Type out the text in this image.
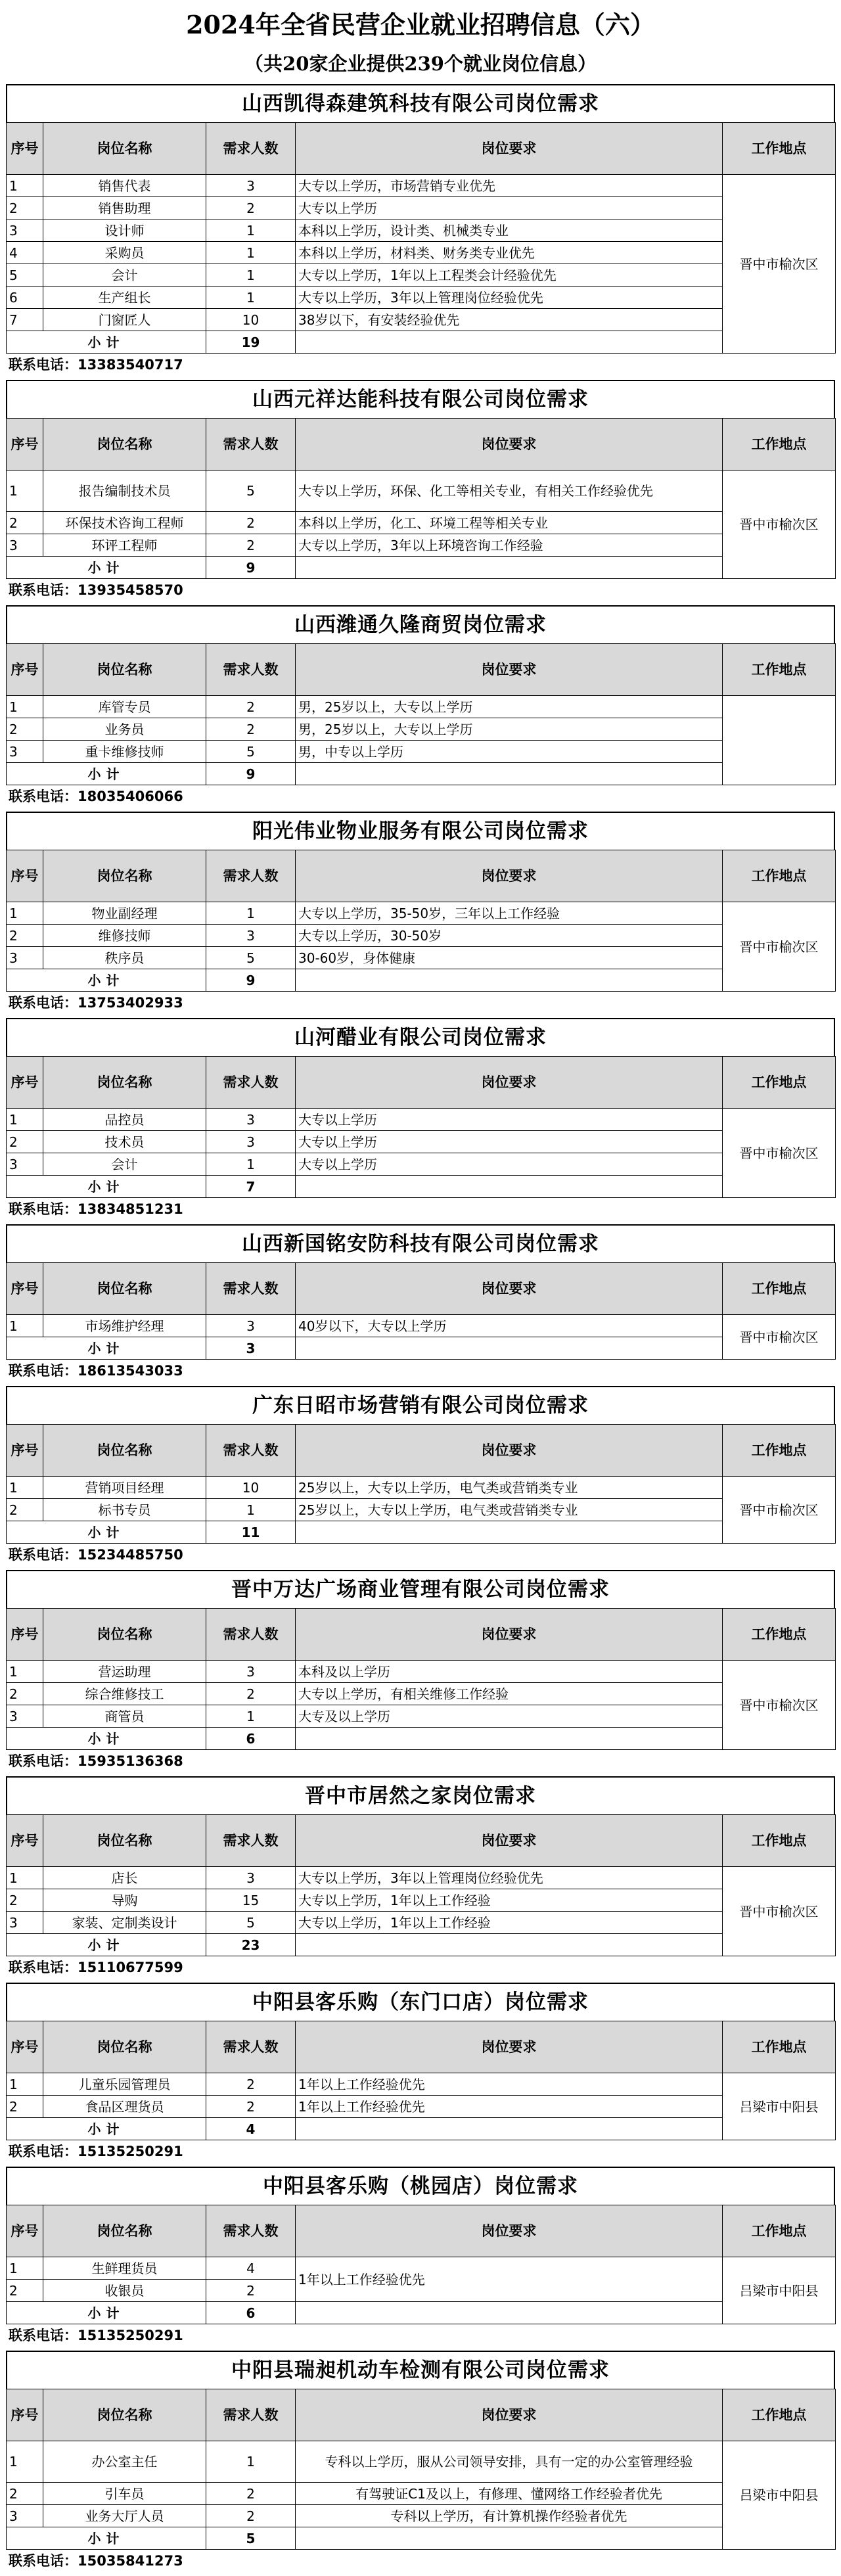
2024年全省民营企业就业招聘信息（六）
（共20家企业提供239个就业岗位信息）
山西凯得森建筑科技有限公司岗位需求
序号	岗位名称	需求人数	岗位要求	工作地点
1	销售代表	3	大专以上学历，市场营销专业优先	晋中市榆次区
2	销售助理	2	大专以上学历	
3	设计师	1	本科以上学历，设计类、机械类专业	
4	采购员	1	本科以上学历，材料类、财务类专业优先	
5	会计	1	大专以上学历，1年以上工程类会计经验优先	
6	生产组长	1	大专以上学历，3年以上管理岗位经验优先	
7	门窗匠人	10	38岁以下，有安装经验优先	
小计		19		
联系电话：13383540717
山西元祥达能科技有限公司岗位需求
序号	岗位名称	需求人数	岗位要求	工作地点
1	报告编制技术员	5	大专以上学历，环保、化工等相关专业，有相关工作经验优先	晋中市榆次区
2	环保技术咨询工程师	2	本科以上学历，化工、环境工程等相关专业	
3	环评工程师	2	大专以上学历，3年以上环境咨询工作经验	
小计		9		
联系电话：13935458570
山西潍通久隆商贸岗位需求
序号	岗位名称	需求人数	岗位要求	工作地点
1	库管专员	2	男，25岁以上，大专以上学历	
2	业务员	2	男，25岁以上，大专以上学历	
3	重卡维修技师	5	男，中专以上学历	
小计		9		
联系电话：18035406066
阳光伟业物业服务有限公司岗位需求
序号	岗位名称	需求人数	岗位要求	工作地点
1	物业副经理	1	大专以上学历，35-50岁，三年以上工作经验	晋中市榆次区
2	维修技师	3	大专以上学历，30-50岁	
3	秩序员	5	30-60岁，身体健康	
小计		9		
联系电话：13753402933
山河醋业有限公司岗位需求
序号	岗位名称	需求人数	岗位要求	工作地点
1	品控员	3	大专以上学历	晋中市榆次区
2	技术员	3	大专以上学历	
3	会计	1	大专以上学历	
小计		7		
联系电话：13834851231
山西新国铭安防科技有限公司岗位需求
序号	岗位名称	需求人数	岗位要求	工作地点
1	市场维护经理	3	40岁以下，大专以上学历	晋中市榆次区
小计		3		
联系电话：18613543033
广东日昭市场营销有限公司岗位需求
序号	岗位名称	需求人数	岗位要求	工作地点
1	营销项目经理	10	25岁以上，大专以上学历，电气类或营销类专业	晋中市榆次区
2	标书专员	1	25岁以上，大专以上学历，电气类或营销类专业	
小计		11		
联系电话：15234485750
晋中万达广场商业管理有限公司岗位需求
序号	岗位名称	需求人数	岗位要求	工作地点
1	营运助理	3	本科及以上学历	晋中市榆次区
2	综合维修技工	2	大专以上学历，有相关维修工作经验	
3	商管员	1	大专及以上学历	
小计		6		
联系电话：15935136368
晋中市居然之家岗位需求
序号	岗位名称	需求人数	岗位要求	工作地点
1	店长	3	大专以上学历，3年以上管理岗位经验优先	晋中市榆次区
2	导购	15	大专以上学历，1年以上工作经验	
3	家装、定制类设计	5	大专以上学历，1年以上工作经验	
小计		23		
联系电话：15110677599
中阳县客乐购（东门口店）岗位需求
序号	岗位名称	需求人数	岗位要求	工作地点
1	儿童乐园管理员	2	1年以上工作经验优先	吕梁市中阳县
2	食品区理货员	2	1年以上工作经验优先	
小计		4		
联系电话：15135250291
中阳县客乐购（桃园店）岗位需求
序号	岗位名称	需求人数	岗位要求	工作地点
1	生鲜理货员	4	1年以上工作经验优先	吕梁市中阳县
2	收银员	2		
小计		6		
联系电话：15135250291
中阳县瑞昶机动车检测有限公司岗位需求
序号	岗位名称	需求人数	岗位要求	工作地点
1	办公室主任	1	专科以上学历，服从公司领导安排，具有一定的办公室管理经验	吕梁市中阳县
2	引车员	2	有驾驶证C1及以上，有修理、懂网络工作经验者优先	
3	业务大厅人员	2	专科以上学历，有计算机操作经验者优先	
小计		5		
联系电话：15035841273
